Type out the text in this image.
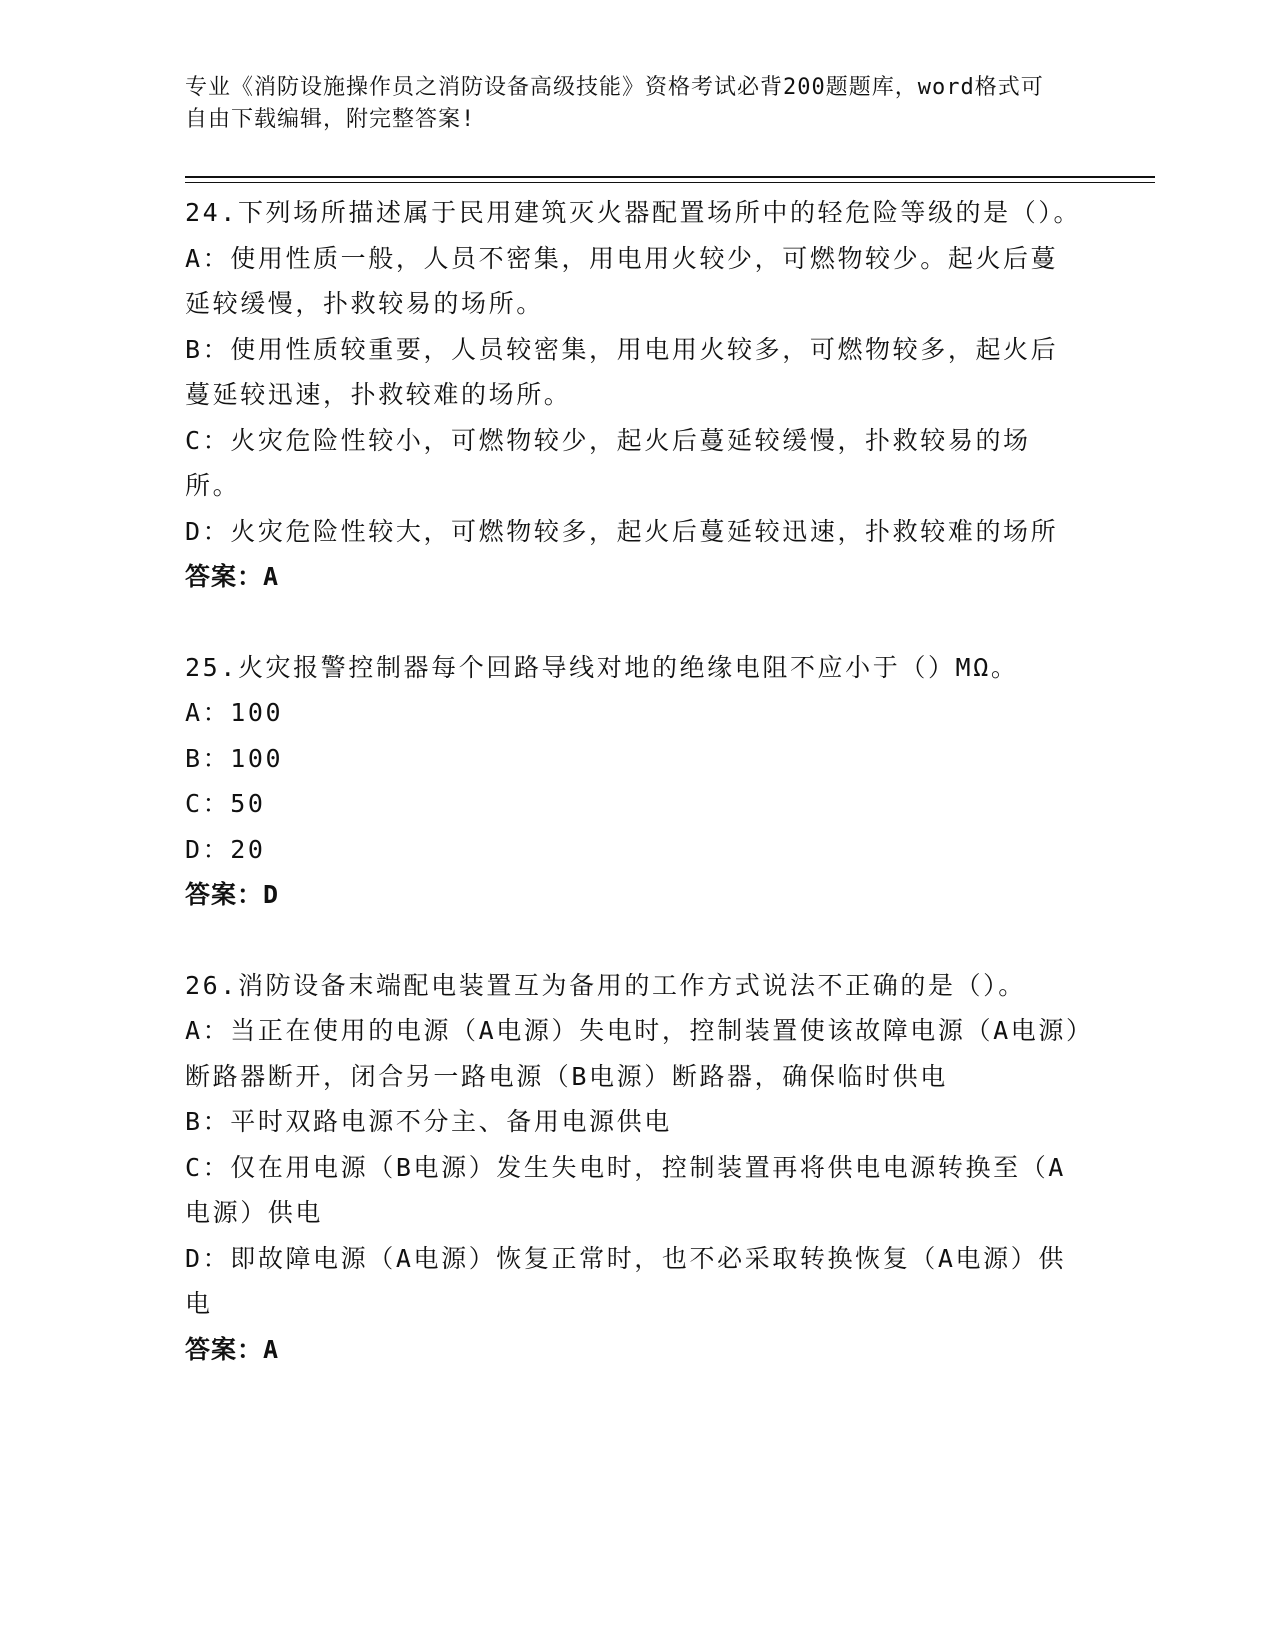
专业《消防设施操作员之消防设备高级技能》资格考试必背200题题库，word格式可自由下载编辑，附完整答案!
24.下列场所描述属于民用建筑灭火器配置场所中的轻危险等级的是（）。
A：使用性质一般，人员不密集，用电用火较少，可燃物较少。起火后蔓延较缓慢，扑救较易的场所。
B：使用性质较重要，人员较密集，用电用火较多，可燃物较多，起火后蔓延较迅速，扑救较难的场所。
C：火灾危险性较小，可燃物较少，起火后蔓延较缓慢，扑救较易的场所。
D：火灾危险性较大，可燃物较多，起火后蔓延较迅速，扑救较难的场所
答案：A
25.火灾报警控制器每个回路导线对地的绝缘电阻不应小于（）MΩ。
A：100
B：100
C：50
D：20
答案：D
26.消防设备末端配电装置互为备用的工作方式说法不正确的是（）。
A：当正在使用的电源（A电源）失电时，控制装置使该故障电源（A电源）断路器断开，闭合另一路电源（B电源）断路器，确保临时供电
B：平时双路电源不分主、备用电源供电
C：仅在用电源（B电源）发生失电时，控制装置再将供电电源转换至（A电源）供电
D：即故障电源（A电源）恢复正常时，也不必采取转换恢复（A电源）供电
答案：A
